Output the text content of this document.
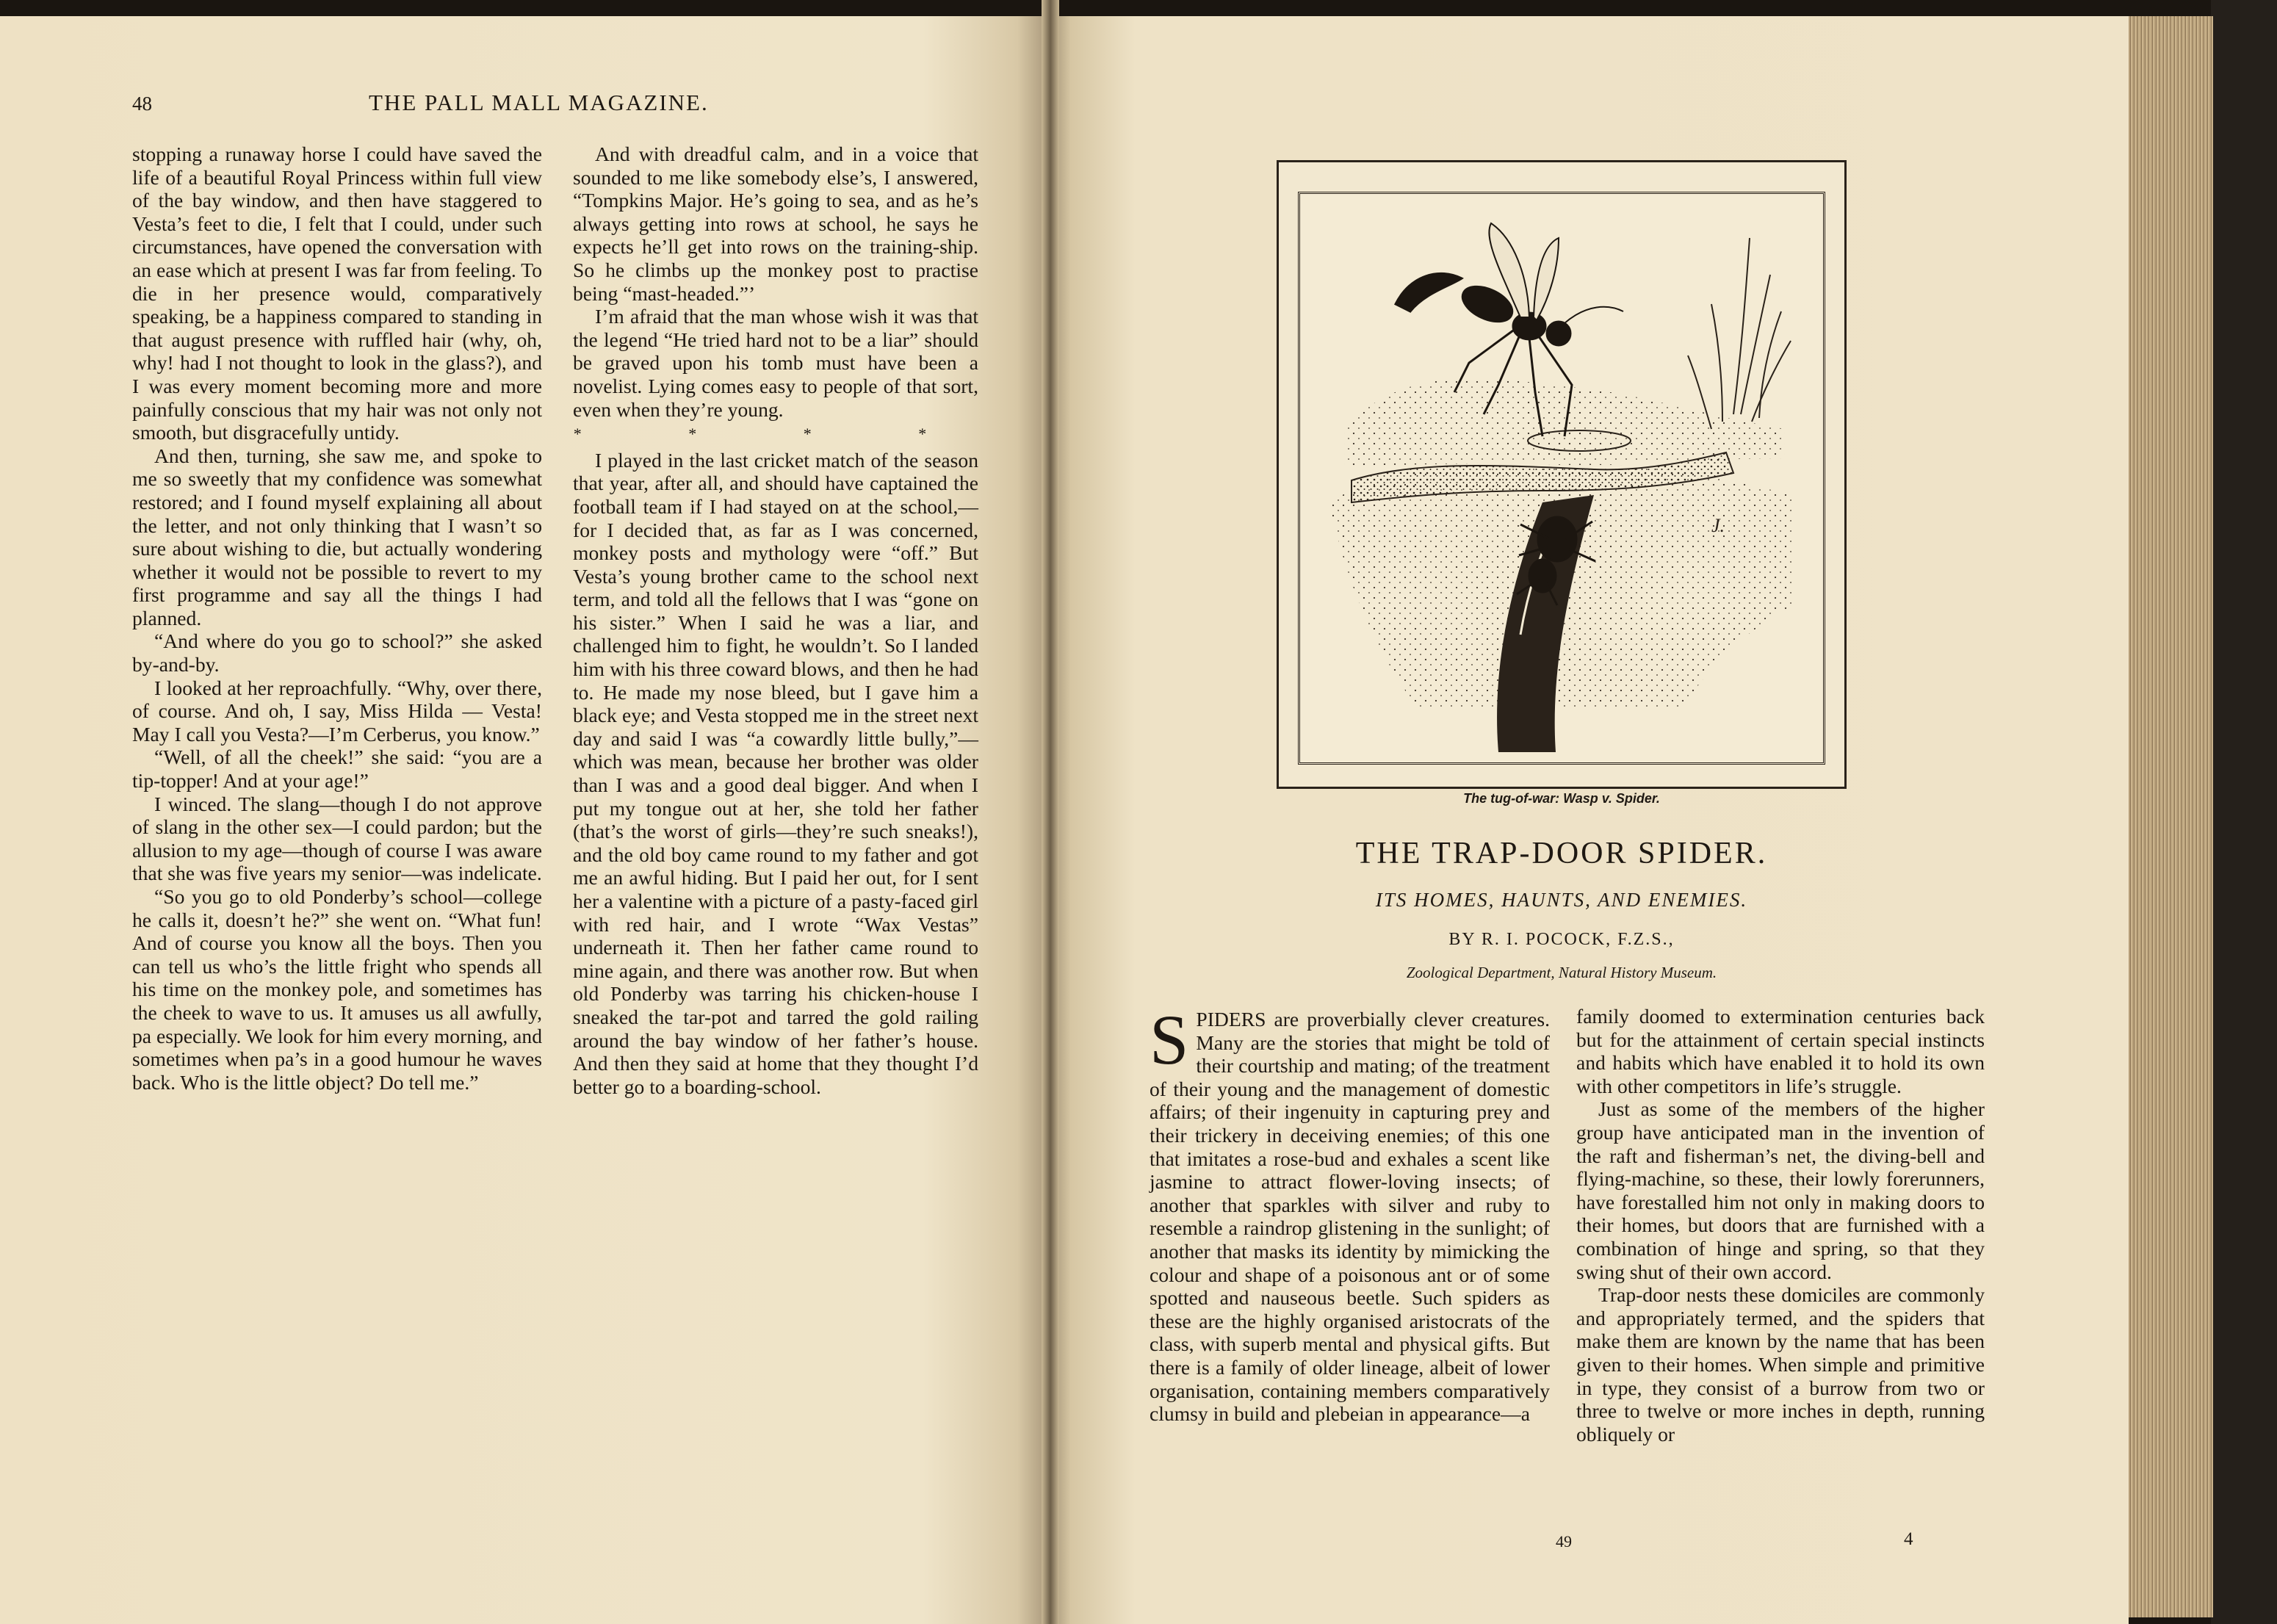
48	THE PALL MALL MAGAZINE.

stopping a runaway horse I could have saved the life of a beautiful Royal Princess within full view of the bay window, and then have staggered to Vesta’s feet to die, I felt that I could, under such circumstances, have opened the conversation with an ease which at present I was far from feeling. To die in her presence would, comparatively speaking, be a happiness compared to standing in that august presence with ruffled hair (why, oh, why! had I not thought to look in the glass?), and I was every moment becoming more and more painfully conscious that my hair was not only not smooth, but disgracefully untidy.

And then, turning, she saw me, and spoke to me so sweetly that my confidence was somewhat restored; and I found myself explaining all about the letter, and not only thinking that I wasn’t so sure about wishing to die, but actually wondering whether it would not be possible to revert to my first programme and say all the things I had planned.

“And where do you go to school?” she asked by-and-by.

I looked at her reproachfully. “Why, over there, of course. And oh, I say, Miss Hilda — Vesta! May I call you Vesta?—I’m Cerberus, you know.”

“Well, of all the cheek!” she said: “you are a tip-topper! And at your age!”

I winced. The slang—though I do not approve of slang in the other sex—I could pardon; but the allusion to my age—though of course I was aware that she was five years my senior—was indelicate.

“So you go to old Ponderby’s school—college he calls it, doesn’t he?” she went on. “What fun! And of course you know all the boys. Then you can tell us who’s the little fright who spends all his time on the monkey pole, and sometimes has the cheek to wave to us. It amuses us all awfully, pa especially. We look for him every morning, and sometimes when pa’s in a good humour he waves back. Who is the little object? Do tell me.”

And with dreadful calm, and in a voice that sounded to me like somebody else’s, I answered, “Tompkins Major. He’s going to sea, and as he’s always getting into rows at school, he says he expects he’ll get into rows on the training-ship. So he climbs up the monkey post to practise being “mast-headed.”’

I’m afraid that the man whose wish it was that the legend “He tried hard not to be a liar” should be graved upon his tomb must have been a novelist. Lying comes easy to people of that sort, even when they’re young.

* * * *

I played in the last cricket match of the season that year, after all, and should have captained the football team if I had stayed on at the school,—for I decided that, as far as I was concerned, monkey posts and mythology were “off.” But Vesta’s young brother came to the school next term, and told all the fellows that I was “gone on his sister.” When I said he was a liar, and challenged him to fight, he wouldn’t. So I landed him with his three coward blows, and then he had to. He made my nose bleed, but I gave him a black eye; and Vesta stopped me in the street next day and said I was “a cowardly little bully,”—which was mean, because her brother was older than I was and a good deal bigger. And when I put my tongue out at her, she told her father (that’s the worst of girls—they’re such sneaks!), and the old boy came round to my father and got me an awful hiding. But I paid her out, for I sent her a valentine with a picture of a pasty-faced girl with red hair, and I wrote “Wax Vestas” underneath it. Then her father came round to mine again, and there was another row. But when old Ponderby was tarring his chicken-house I sneaked the tar-pot and tarred the gold railing around the bay window of her father’s house. And then they said at home that they thought I’d better go to a boarding-school.

J.
The tug-of-war: Wasp v. Spider.
THE TRAP-DOOR SPIDER.
ITS HOMES, HAUNTS, AND ENEMIES.
BY R. I. POCOCK, F.Z.S.,
Zoological Department, Natural History Museum.

SPIDERS are proverbially clever creatures. Many are the stories that might be told of their courtship and mating; of the treatment of their young and the management of domestic affairs; of their ingenuity in capturing prey and their trickery in deceiving enemies; of this one that imitates a rose-bud and exhales a scent like jasmine to attract flower-loving insects; of another that sparkles with silver and ruby to resemble a raindrop glistening in the sunlight; of another that masks its identity by mimicking the colour and shape of a poisonous ant or of some spotted and nauseous beetle. Such spiders as these are the highly organised aristocrats of the class, with superb mental and physical gifts. But there is a family of older lineage, albeit of lower organisation, containing members comparatively clumsy in build and plebeian in appearance—a

family doomed to extermination centuries back but for the attainment of certain special instincts and habits which have enabled it to hold its own with other competitors in life’s struggle.

Just as some of the members of the higher group have anticipated man in the invention of the raft and fisherman’s net, the diving-bell and flying-machine, so these, their lowly forerunners, have forestalled him not only in making doors to their homes, but doors that are furnished with a combination of hinge and spring, so that they swing shut of their own accord.

Trap-door nests these domiciles are commonly and appropriately termed, and the spiders that make them are known by the name that has been given to their homes. When simple and primitive in type, they consist of a burrow from two or three to twelve or more inches in depth, running obliquely or

49	4
